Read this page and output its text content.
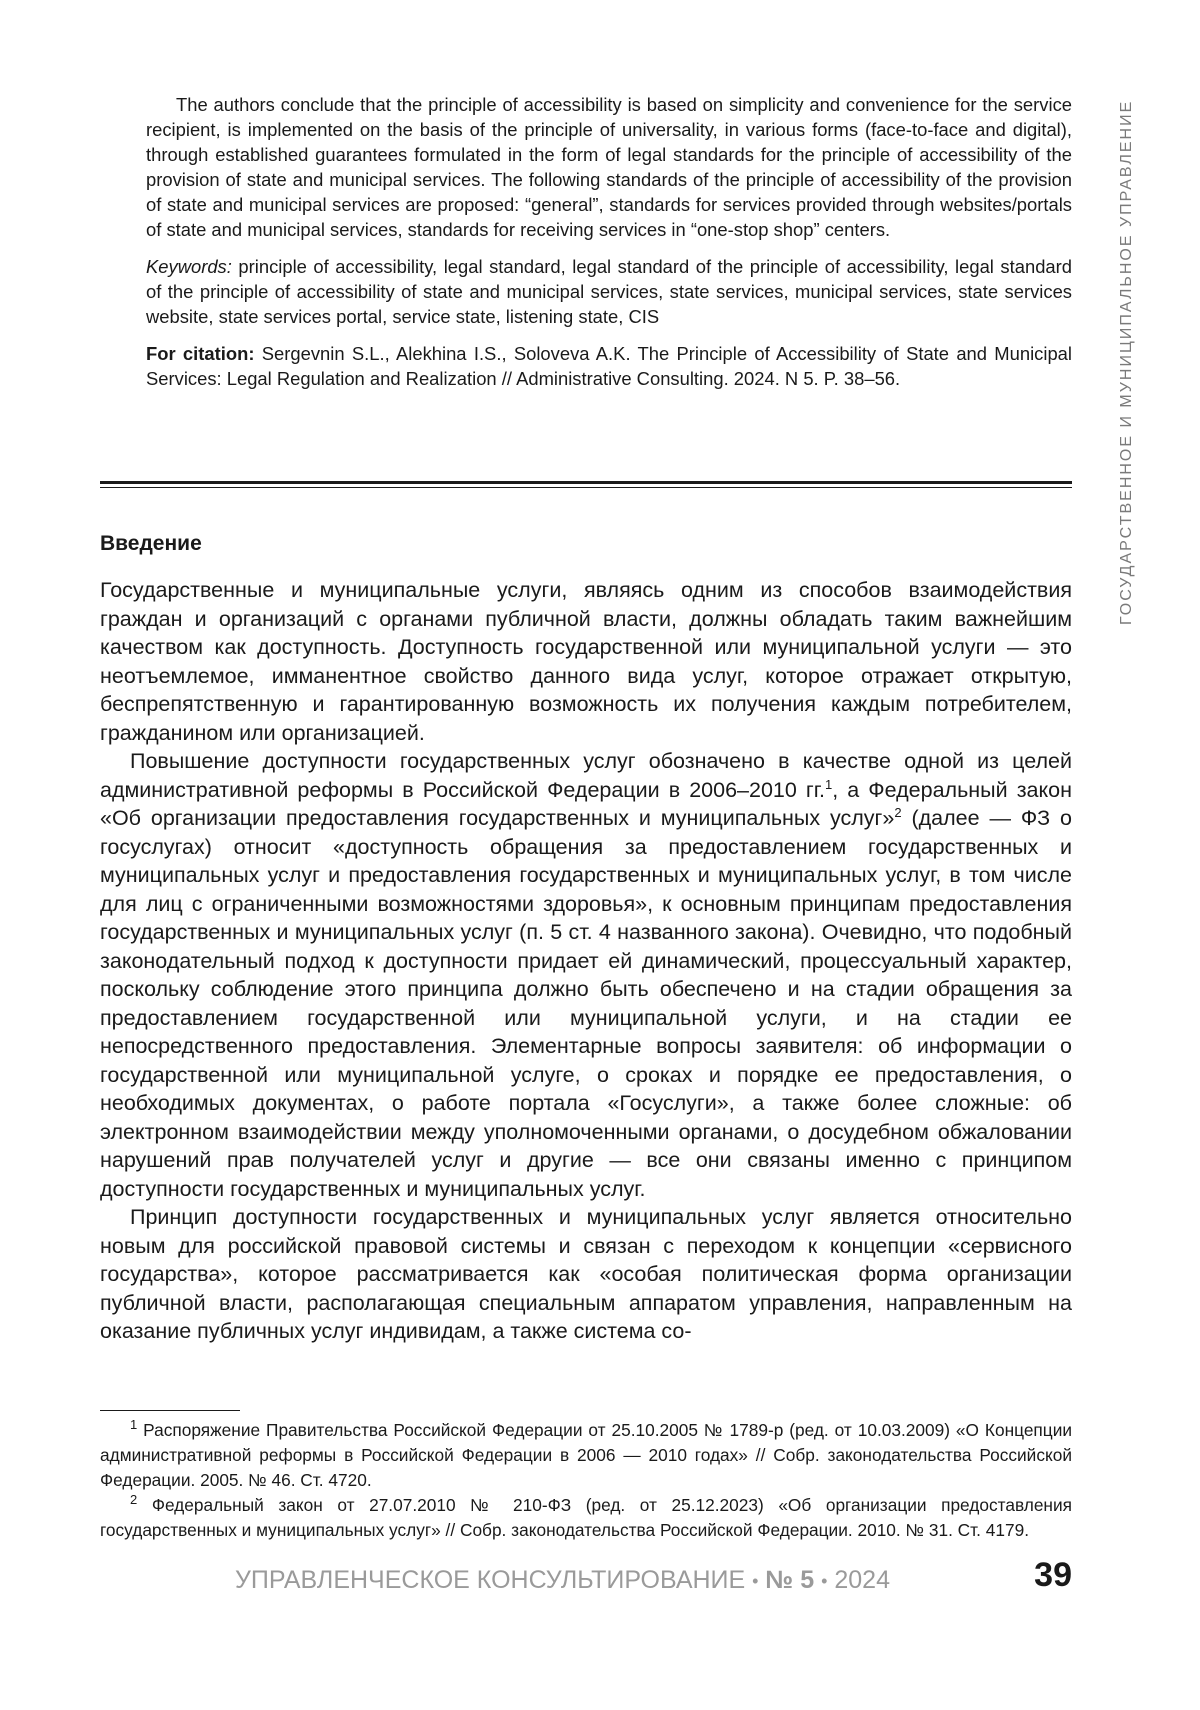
The authors conclude that the principle of accessibility is based on simplicity and convenience for the service recipient, is implemented on the basis of the principle of universality, in various forms (face-to-face and digital), through established guarantees formulated in the form of legal standards for the principle of accessibility of the provision of state and municipal services. The following standards of the principle of accessibility of the provision of state and municipal services are proposed: “general”, standards for services provided through websites/portals of state and municipal services, standards for receiving services in “one-stop shop” centers.

Keywords: principle of accessibility, legal standard, legal standard of the principle of accessibility, legal standard of the principle of accessibility of state and municipal services, state services, municipal services, state services website, state services portal, service state, listening state, CIS

For citation: Sergevnin S.L., Alekhina I.S., Soloveva A.K. The Principle of Accessibility of State and Municipal Services: Legal Regulation and Realization // Administrative Consulting. 2024. N 5. P. 38–56.	ГОСУДАРСТВЕННОЕ И МУНИЦИПАЛЬНОЕ УПРАВЛЕНИЕ
Введение

Государственные и муниципальные услуги, являясь одним из способов взаимодействия граждан и организаций с органами публичной власти, должны обладать таким важнейшим качеством как доступность. Доступность государственной или муниципальной услуги — это неотъемлемое, имманентное свойство данного вида услуг, которое отражает открытую, беспрепятственную и гарантированную возможность их получения каждым потребителем, гражданином или организацией.

Повышение доступности государственных услуг обозначено в качестве одной из целей административной реформы в Российской Федерации в 2006–2010 гг.1, а Федеральный закон «Об организации предоставления государственных и муниципальных услуг»2 (далее — ФЗ о госуслугах) относит «доступность обращения за предоставлением государственных и муниципальных услуг и предоставления государственных и муниципальных услуг, в том числе для лиц с ограниченными возможностями здоровья», к основным принципам предоставления государственных и муниципальных услуг (п. 5 ст. 4 названного закона). Очевидно, что подобный законодательный подход к доступности придает ей динамический, процессуальный характер, поскольку соблюдение этого принципа должно быть обеспечено и на стадии обращения за предоставлением государственной или муниципальной услуги, и на стадии ее непосредственного предоставления. Элементарные вопросы заявителя: об информации о государственной или муниципальной услуге, о сроках и порядке ее предоставления, о необходимых документах, о работе портала «Госуслуги», а также более сложные: об электронном взаимодействии между уполномоченными органами, о досудебном обжаловании нарушений прав получателей услуг и другие — все они связаны именно с принципом доступности государственных и муниципальных услуг.

Принцип доступности государственных и муниципальных услуг является относительно новым для российской правовой системы и связан с переходом к концепции «сервисного государства», которое рассматривается как «особая политическая форма организации публичной власти, располагающая специальным аппаратом управления, направленным на оказание публичных услуг индивидам, а также система со-

1 Распоряжение Правительства Российской Федерации от 25.10.2005 № 1789-р (ред. от 10.03.2009) «О Концепции административной реформы в Российской Федерации в 2006 — 2010 годах» // Собр. законодательства Российской Федерации. 2005. № 46. Ст. 4720.

2 Федеральный закон от 27.07.2010 № 210-ФЗ (ред. от 25.12.2023) «Об организации предоставления государственных и муниципальных услуг» // Собр. законодательства Российской Федерации. 2010. № 31. Ст. 4179.

УПРАВЛЕНЧЕСКОЕ КОНСУЛЬТИРОВАНИЕ • № 5 • 2024	39
